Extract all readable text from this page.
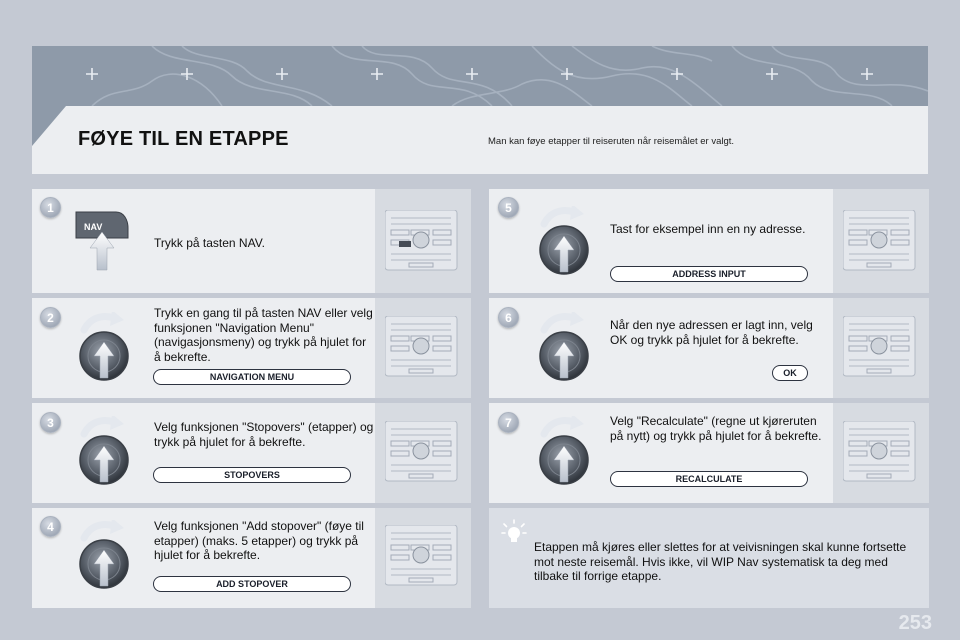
FØYE TIL EN ETAPPE	Man kan føye etapper til reiseruten når reisemålet er valgt.
1
NAV
Trykk på tasten NAV.
2	Trykk en gang til på tasten NAV eller velg funksjonen "Navigation Menu" (navigasjonsmeny) og trykk på hjulet for å bekrefte.
NAVIGATION MENU
3	Velg funksjonen "Stopovers" (etapper) og trykk på hjulet for å bekrefte.
STOPOVERS
4	Velg funksjonen "Add stopover" (føye til etapper) (maks. 5 etapper) og trykk på hjulet for å bekrefte.
ADD STOPOVER
5
Tast for eksempel inn en ny adresse.
ADDRESS INPUT
6	Når den nye adressen er lagt inn, velg OK og trykk på hjulet for å bekrefte.
OK
7	Velg "Recalculate" (regne ut kjøreruten på nytt) og trykk på hjulet for å bekrefte.
RECALCULATE
Etappen må kjøres eller slettes for at veivisningen skal kunne fortsette mot neste reisemål. Hvis ikke, vil WIP Nav systematisk ta deg med tilbake til forrige etappe.
253
